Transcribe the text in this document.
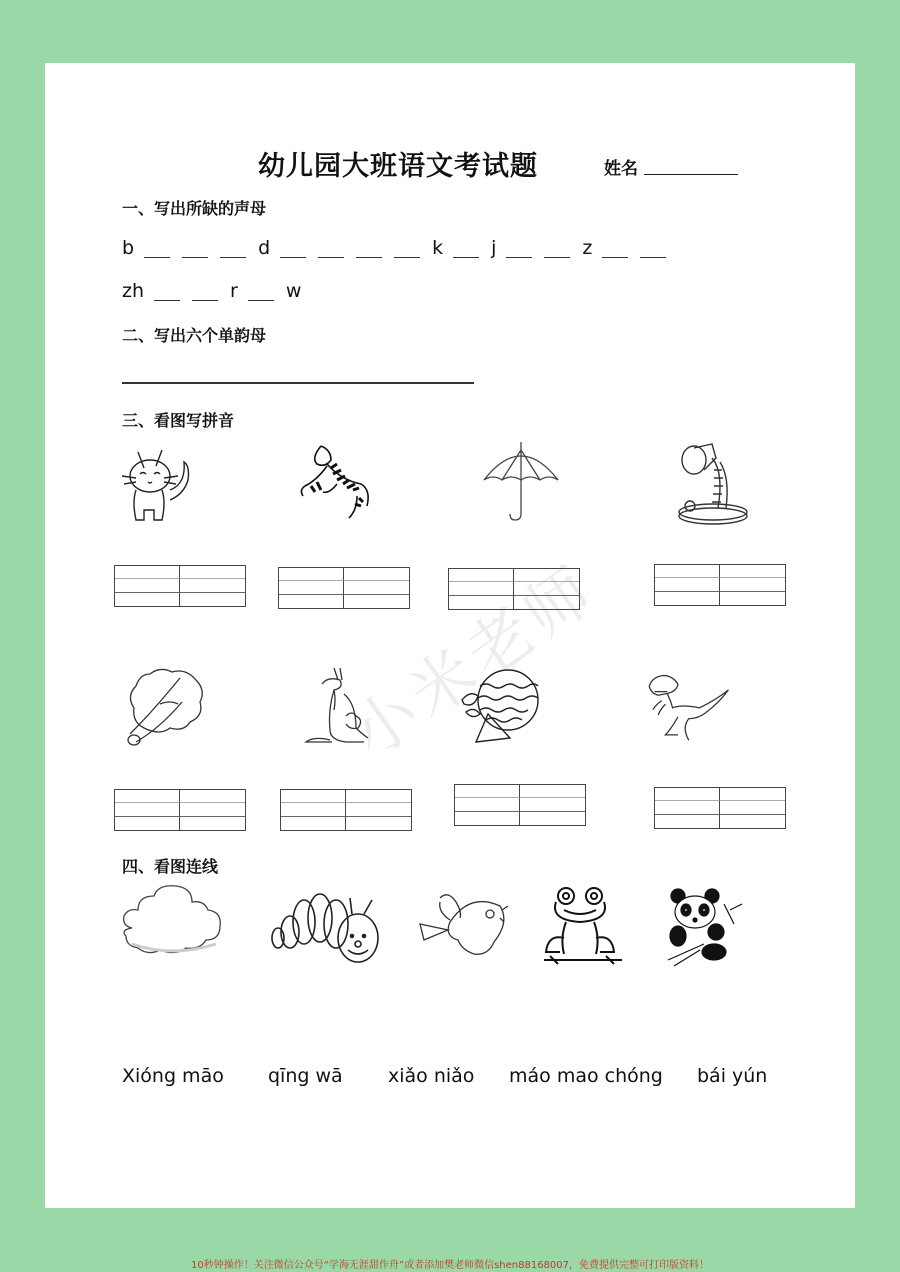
小米老师
幼儿园大班语文考试题	姓名
一、写出所缺的声母
b	d	k	j	z
zh	r	w
二、写出六个单韵母
三、看图写拼音
四、看图连线
Xióng māo qīng wā xiǎo niǎo máo mao chóng bái yún
10秒钟操作！关注微信公众号“学海无涯甜作舟”或者添加樊老师微信shen88168007，免费提供完整可打印版资料！
